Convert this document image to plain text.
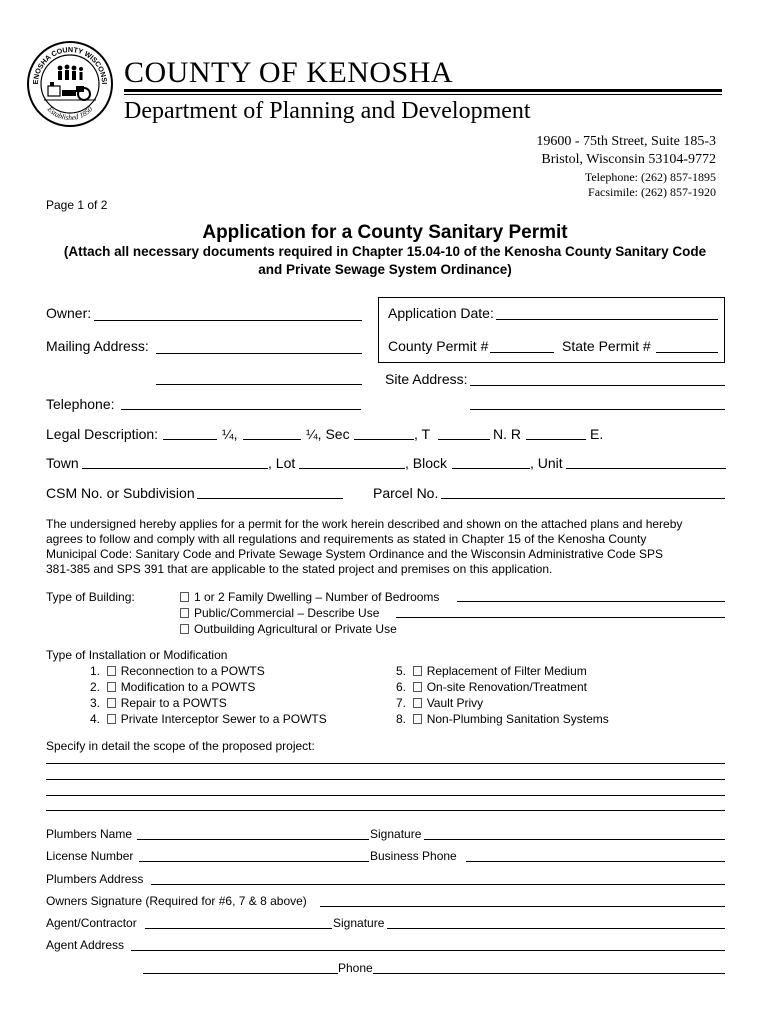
ENOSHA COUNTY WISCONSI
Established 1850
COUNTY OF KENOSHA
Department of Planning and Development
19600 - 75th Street, Suite 185-3
Bristol, Wisconsin 53104-9772
Telephone: (262) 857-1895
Facsimile: (262) 857-1920
Page 1 of 2
Application for a County Sanitary Permit
(Attach all necessary documents required in Chapter 15.04-10 of the Kenosha County Sanitary Code
and Private Sewage System Ordinance)
Owner:
Mailing Address:
Telephone:
Application Date:
County Permit #	State Permit #
Site Address:
Legal Description:	¼,	¼, Sec	, T	N. R	E.
Town	, Lot	, Block	, Unit
CSM No. or Subdivision	Parcel No.
The undersigned hereby applies for a permit for the work herein described and shown on the attached plans and hereby
agrees to follow and comply with all regulations and requirements as stated in Chapter 15 of the Kenosha County
Municipal Code: Sanitary Code and Private Sewage System Ordinance and the Wisconsin Administrative Code SPS
381-385 and SPS 391 that are applicable to the stated project and premises on this application.
Type of Building:	1 or 2 Family Dwelling – Number of Bedrooms
Public/Commercial – Describe Use
Outbuilding Agricultural or Private Use
Type of Installation or Modification
1. Reconnection to a POWTS
2. Modification to a POWTS
3. Repair to a POWTS
4. Private Interceptor Sewer to a POWTS
5. Replacement of Filter Medium
6. On-site Renovation/Treatment
7. Vault Privy
8. Non-Plumbing Sanitation Systems
Specify in detail the scope of the proposed project:
Plumbers Name	Signature
License Number	Business Phone
Plumbers Address
Owners Signature (Required for #6, 7 & 8 above)
Agent/Contractor	Signature
Agent Address
Phone
